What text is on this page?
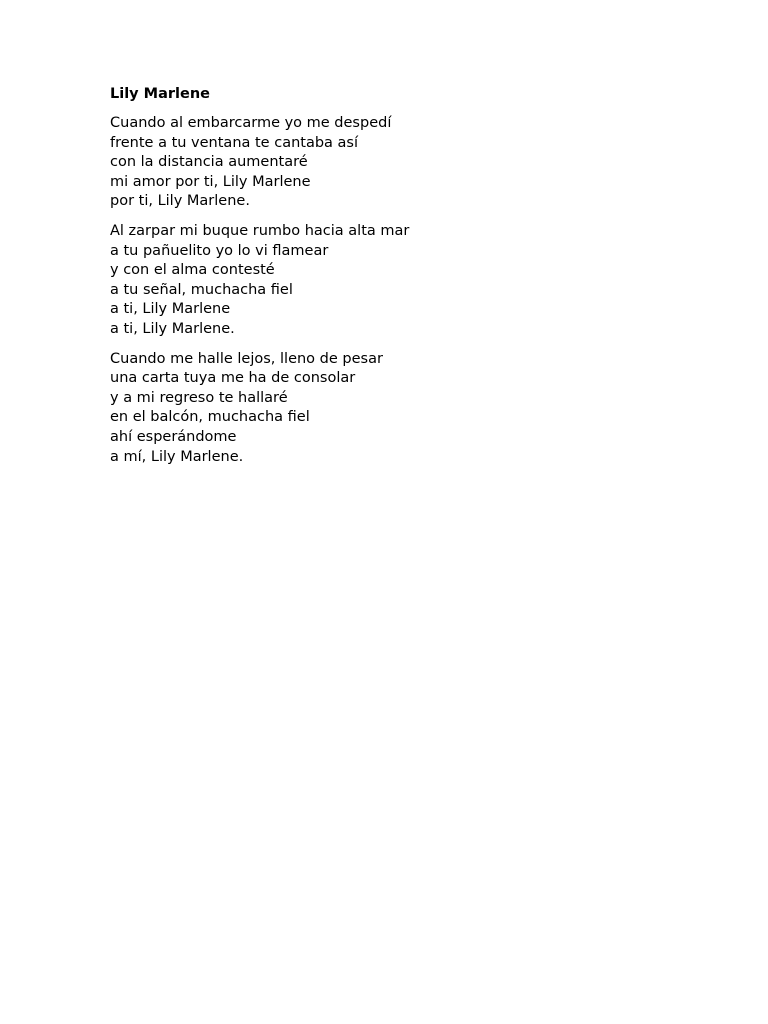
Lily Marlene
Cuando al embarcarme yo me despedí
frente a tu ventana te cantaba así
con la distancia aumentaré
mi amor por ti, Lily Marlene
por ti, Lily Marlene.
Al zarpar mi buque rumbo hacia alta mar
a tu pañuelito yo lo vi flamear
y con el alma contesté
a tu señal, muchacha fiel
a ti, Lily Marlene
a ti, Lily Marlene.
Cuando me halle lejos, lleno de pesar
una carta tuya me ha de consolar
y a mi regreso te hallaré
en el balcón, muchacha fiel
ahí esperándome
a mí, Lily Marlene.
